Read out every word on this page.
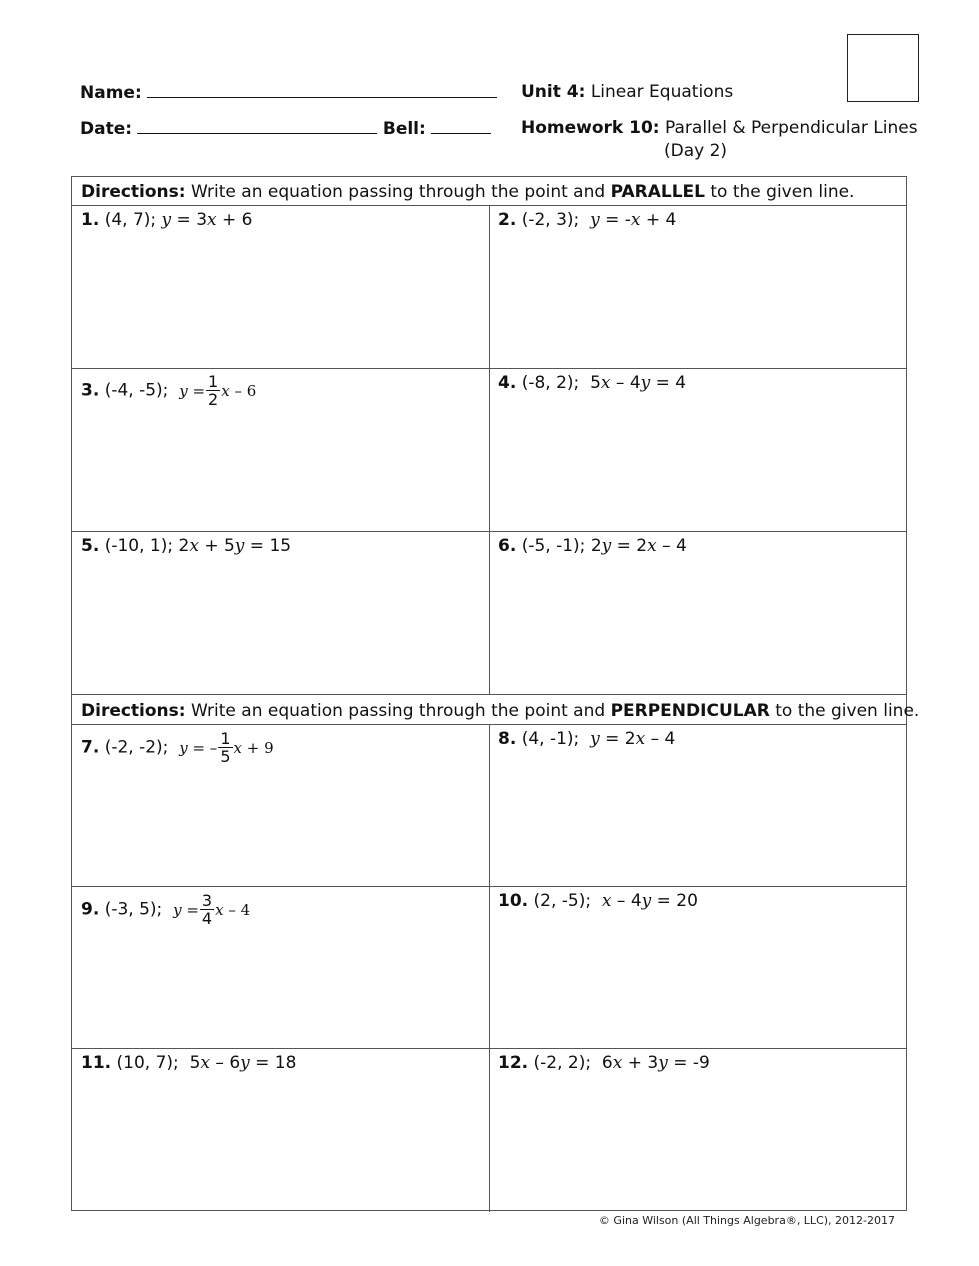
Name:
Date:	Bell:
Unit 4: Linear Equations
Homework 10: Parallel & Perpendicular Lines
(Day 2)
Directions: Write an equation passing through the point and PARALLEL to the given line.
1. (4, 7); y = 3x + 6	2. (-2, 3); y = -x + 4
3. (-4, -5); $y = \frac{1}{2}$ x – 6	4. (-8, 2); 5x – 4y = 4
5. (-10, 1); 2x + 5y = 15	6. (-5, -1); 2y = 2x – 4
Directions: Write an equation passing through the point and PERPENDICULAR to the given line.
7. (-2, -2); y = – $\frac{1}{5}$ x + 9	8. (4, -1); y = 2x – 4
9. (-3, 5); $y = \frac{3}{4}$ x – 4	10. (2, -5); x – 4y = 20
11. (10, 7); 5x – 6y = 18	12. (-2, 2); 6x + 3y = -9
© Gina Wilson (All Things Algebra®, LLC), 2012-2017
